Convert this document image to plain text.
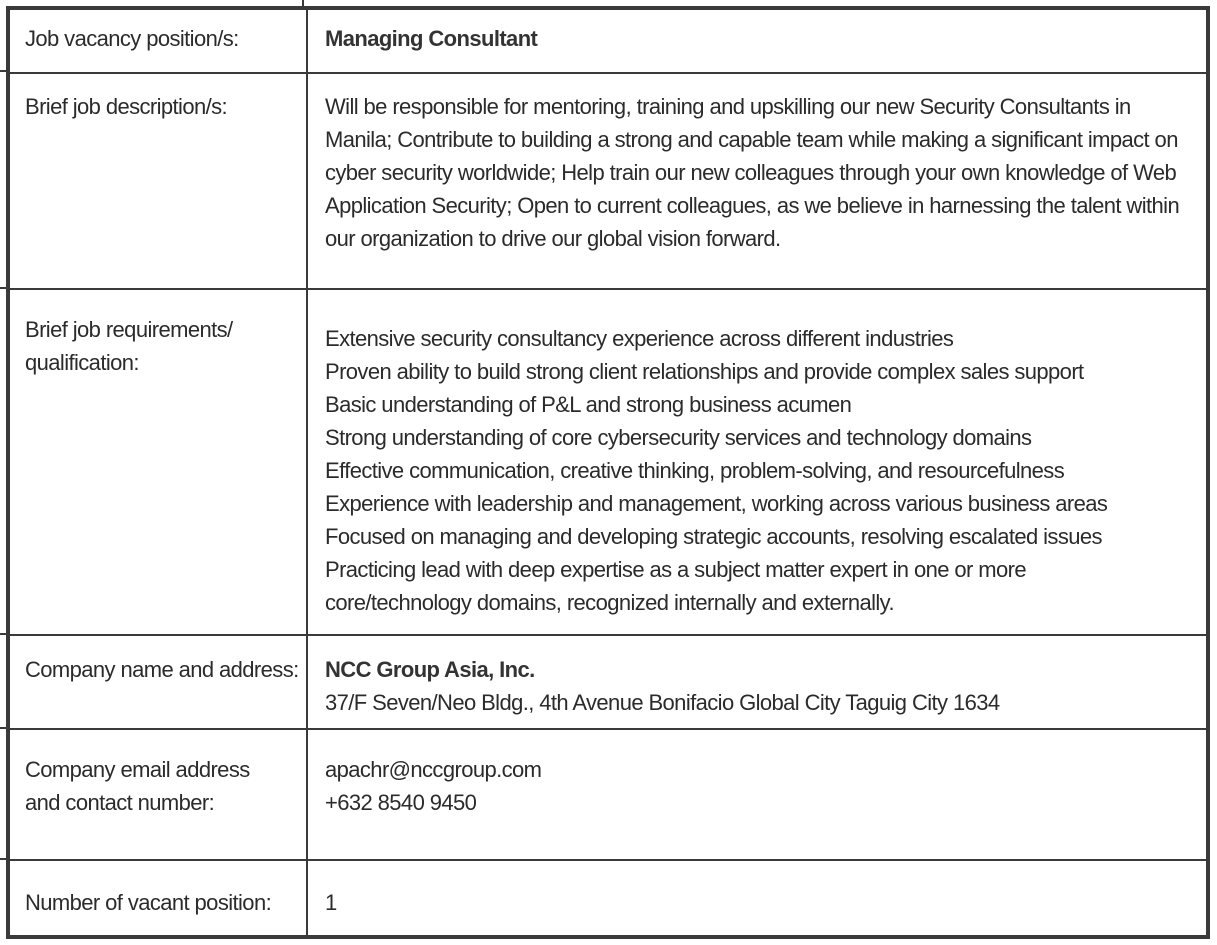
Job vacancy position/s:	Managing Consultant
Brief job description/s:	Will be responsible for mentoring, training and upskilling our new Security Consultants in Manila; Contribute to building a strong and capable team while making a significant impact on cyber security worldwide; Help train our new colleagues through your own knowledge of Web Application Security; Open to current colleagues, as we believe in harnessing the talent within our organization to drive our global vision forward.
Brief job requirements/ qualification:
Extensive security consultancy experience across different industries
Proven ability to build strong client relationships and provide complex sales support
Basic understanding of P&L and strong business acumen
Strong understanding of core cybersecurity services and technology domains
Effective communication, creative thinking, problem-solving, and resourcefulness
Experience with leadership and management, working across various business areas
Focused on managing and developing strategic accounts, resolving escalated issues
Practicing lead with deep expertise as a subject matter expert in one or more core/technology domains, recognized internally and externally.
Company name and address: NCC Group Asia, Inc.
37/F Seven/Neo Bldg., 4th Avenue Bonifacio Global City Taguig City 1634
Company email address and contact number:
apachr@nccgroup.com
+632 8540 9450
Number of vacant position:	1
